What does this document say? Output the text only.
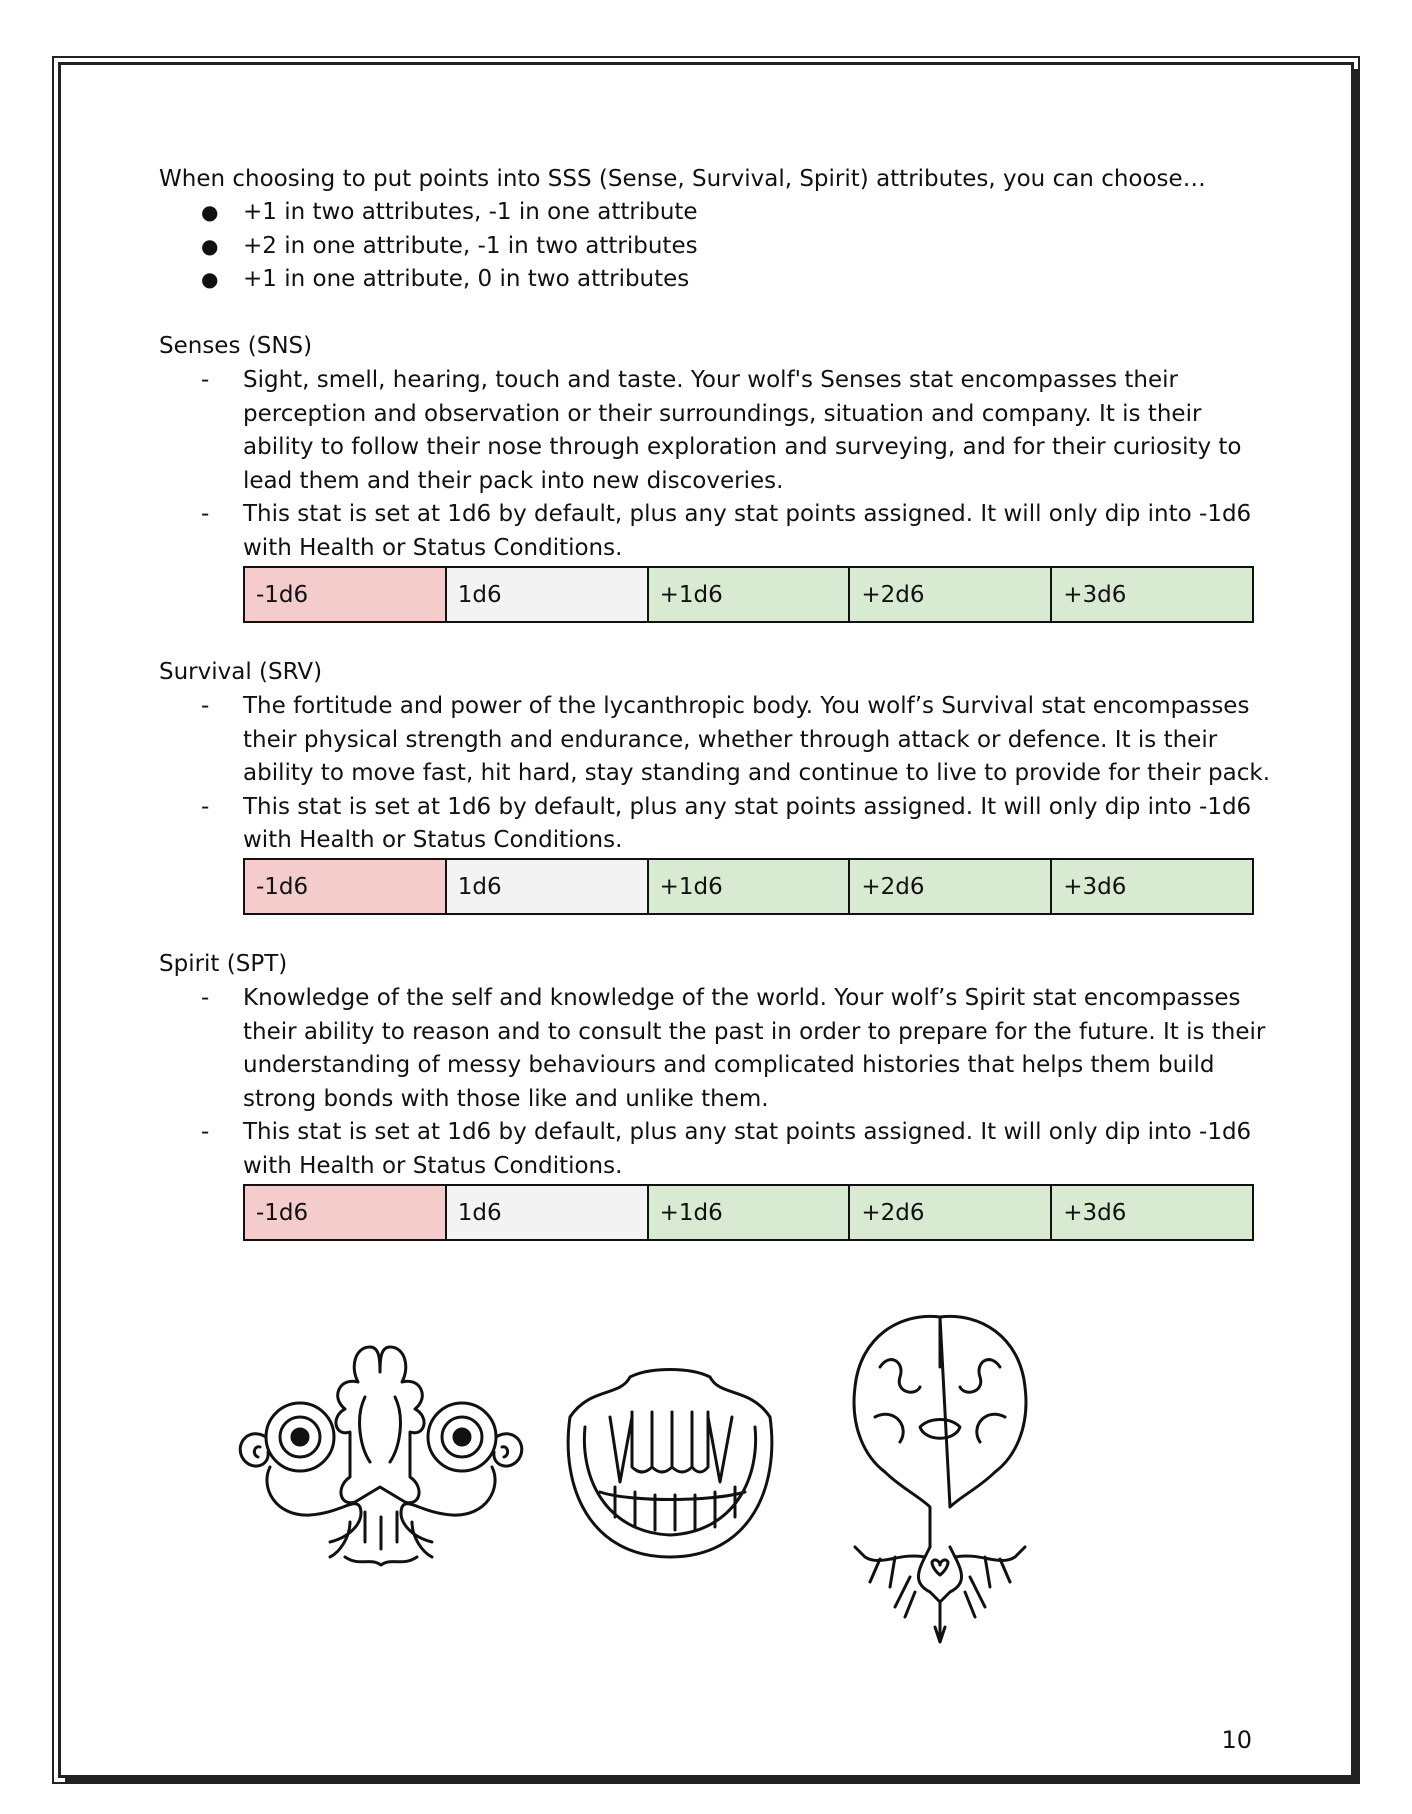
When choosing to put points into SSS (Sense, Survival, Spirit) attributes, you can choose…
● +1 in two attributes, -1 in one attribute
● +2 in one attribute, -1 in two attributes
● +1 in one attribute, 0 in two attributes
Senses (SNS)
- Sight, smell, hearing, touch and taste. Your wolf's Senses stat encompasses their
perception and observation or their surroundings, situation and company. It is their
ability to follow their nose through exploration and surveying, and for their curiosity to
lead them and their pack into new discoveries.
- This stat is set at 1d6 by default, plus any stat points assigned. It will only dip into -1d6
with Health or Status Conditions.
-1d6	1d6	+1d6	+2d6	+3d6
Survival (SRV)
- The fortitude and power of the lycanthropic body. You wolf’s Survival stat encompasses
their physical strength and endurance, whether through attack or defence. It is their
ability to move fast, hit hard, stay standing and continue to live to provide for their pack.
- This stat is set at 1d6 by default, plus any stat points assigned. It will only dip into -1d6
with Health or Status Conditions.
-1d6	1d6	+1d6	+2d6	+3d6
Spirit (SPT)
- Knowledge of the self and knowledge of the world. Your wolf’s Spirit stat encompasses
their ability to reason and to consult the past in order to prepare for the future. It is their
understanding of messy behaviours and complicated histories that helps them build
strong bonds with those like and unlike them.
- This stat is set at 1d6 by default, plus any stat points assigned. It will only dip into -1d6
with Health or Status Conditions.
-1d6	1d6	+1d6	+2d6	+3d6
10
